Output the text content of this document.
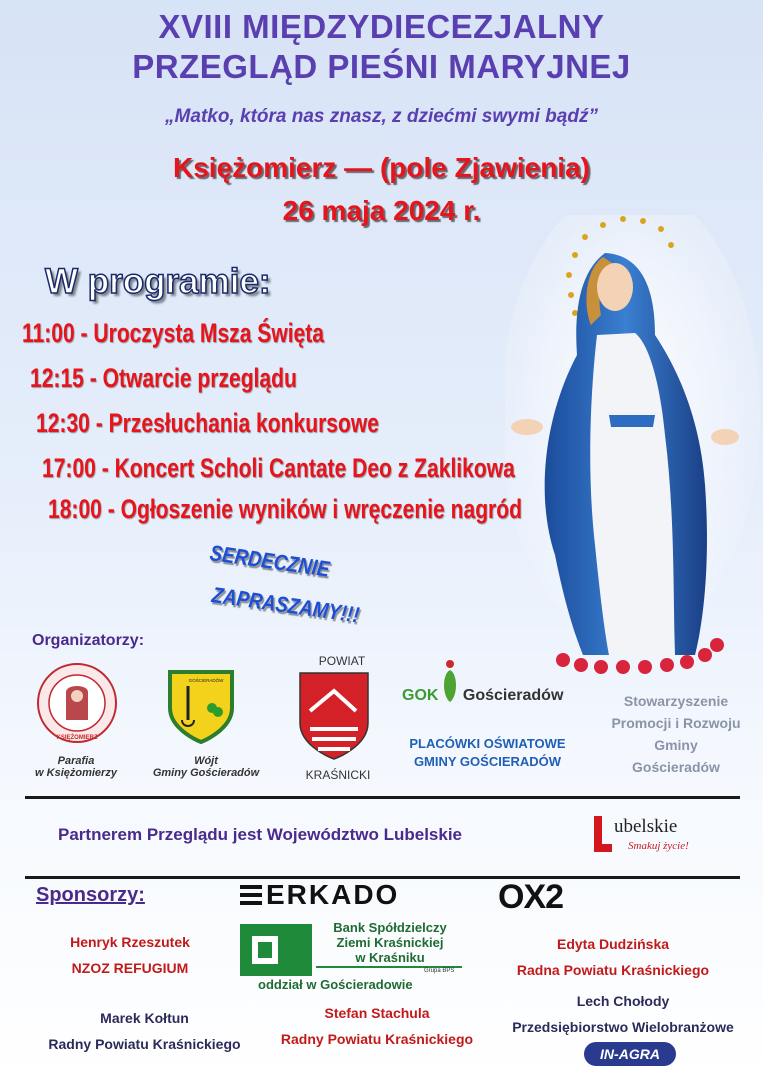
XVIII MIĘDZYDIECEZJALNY
PRZEGLĄD PIEŚNI MARYJNEJ
„Matko, która nas znasz, z dziećmi swymi bądź”
Księżomierz — (pole Zjawienia)
26 maja 2024 r.
W programie:
11:00 - Uroczysta Msza Święta
12:15 - Otwarcie przeglądu
12:30 - Przesłuchania konkursowe
17:00 - Koncert Scholi Cantate Deo z Zaklikowa
18:00 - Ogłoszenie wyników i wręczenie nagród
SERDECZNIE
ZAPRASZAMY!!!
Organizatorzy:
KSIĘŻOMIERZ
Parafia
w Księżomierzy
GOŚCIERADÓW
Wójt
Gminy Gościeradów
POWIAT
KRAŚNICKI
GOK Gościeradów
PLACÓWKI OŚWIATOWE
GMINY GOŚCIERADÓW
Stowarzyszenie
Promocji i Rozwoju
Gminy
Gościeradów
Partnerem Przeglądu jest Województwo Lubelskie	ubelskie
Smakuj życie!
Sponsorzy:	ERKADO	OX2
Bank Spółdzielczy
Ziemi Kraśnickiej
w Kraśniku
Grupa BPS
oddział w Gościeradowie
Henryk Rzeszutek
NZOZ REFUGIUM
Edyta Dudzińska
Radna Powiatu Kraśnickiego
Marek Kołtun
Radny Powiatu Kraśnickiego
Stefan Stachula
Radny Powiatu Kraśnickiego
Lech Chołody
Przedsiębiorstwo Wielobranżowe
IN-AGRA
